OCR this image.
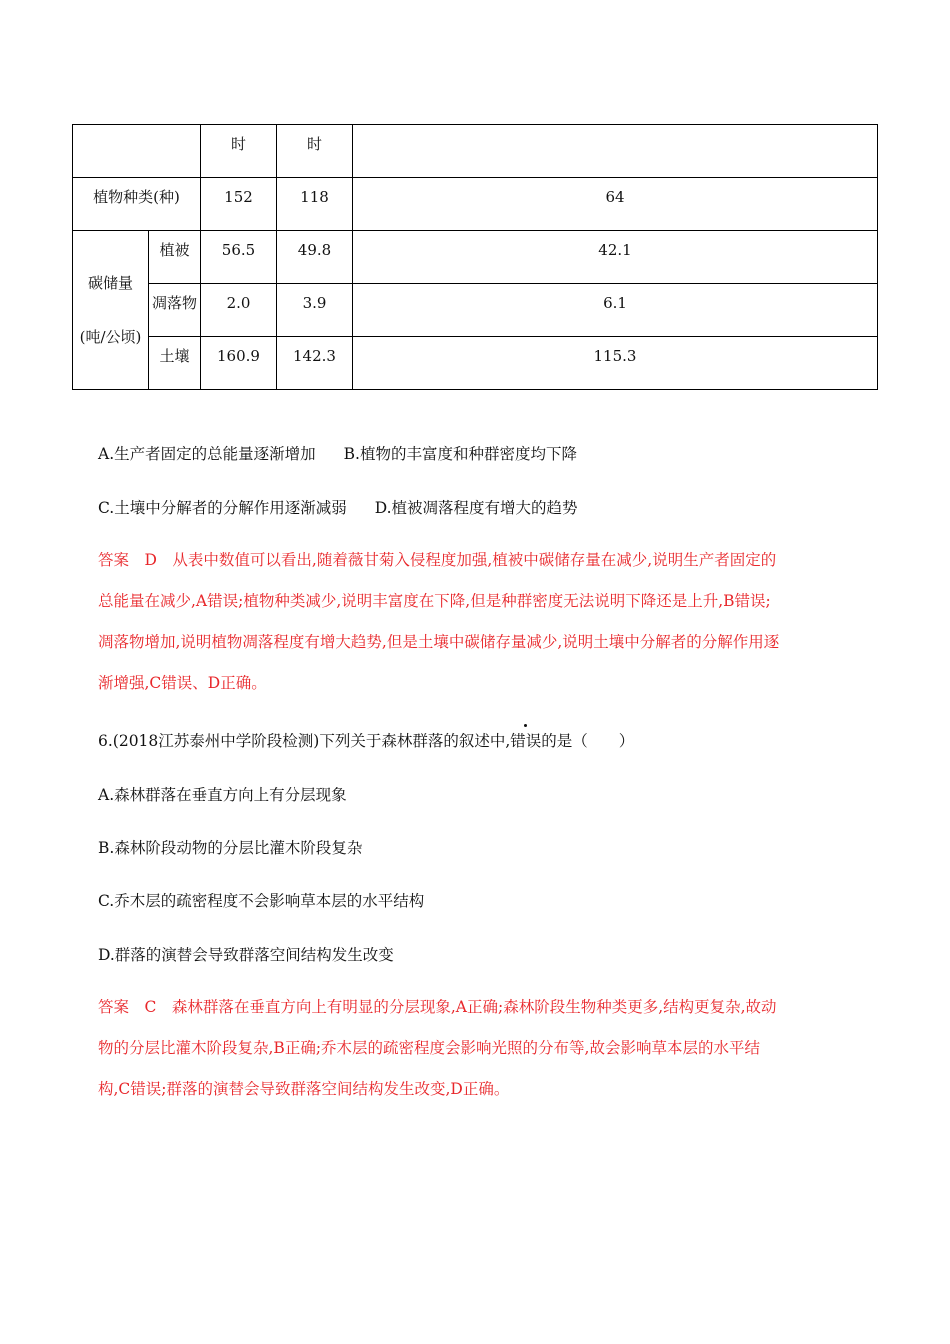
		时	时	
植物种类(种)		152	118	64

碳储量
(吨/公顷)	植被	56.5	49.8	42.1
	凋落物	2.0	3.9	6.1
	土壤	160.9	142.3	115.3
A.生产者固定的总能量逐渐增加 B.植物的丰富度和种群密度均下降
C.土壤中分解者的分解作用逐渐减弱 D.植被凋落程度有增大的趋势

答案　D　从表中数值可以看出,随着薇甘菊入侵程度加强,植被中碳储存量在减少,说明生产者固定的

总能量在减少,A错误;植物种类减少,说明丰富度在下降,但是种群密度无法说明下降还是上升,B错误;

凋落物增加,说明植物凋落程度有增大趋势,但是土壤中碳储存量减少,说明土壤中分解者的分解作用逐

渐增强,C错误、D正确。

6.(2018江苏泰州中学阶段检测)下列关于森林群落的叙述中,错误的是（　　）
A.森林群落在垂直方向上有分层现象
B.森林阶段动物的分层比灌木阶段复杂
C.乔木层的疏密程度不会影响草本层的水平结构
D.群落的演替会导致群落空间结构发生改变

答案　C　森林群落在垂直方向上有明显的分层现象,A正确;森林阶段生物种类更多,结构更复杂,故动

物的分层比灌木阶段复杂,B正确;乔木层的疏密程度会影响光照的分布等,故会影响草本层的水平结

构,C错误;群落的演替会导致群落空间结构发生改变,D正确。
